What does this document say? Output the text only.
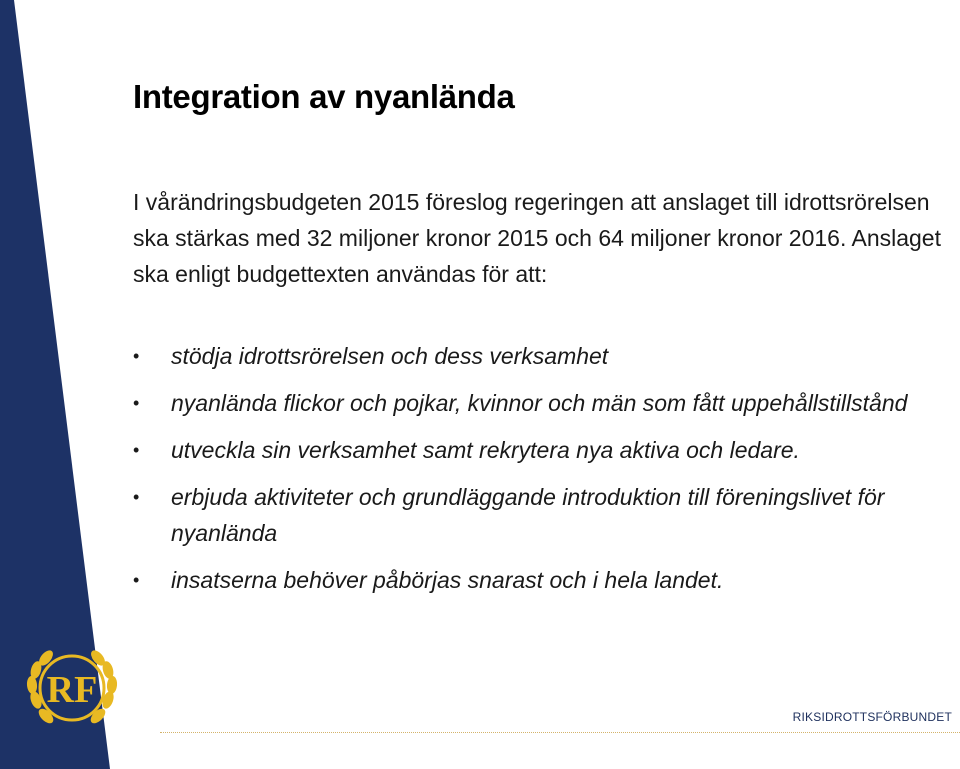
RF
Integration av nyanlända

I vårändringsbudgeten 2015 föreslog regeringen att anslaget till idrottsrörelsen ska stärkas med 32 miljoner kronor 2015 och 64 miljoner kronor 2016. Anslaget ska enligt budgettexten användas för att:

• stödja idrottsrörelsen och dess verksamhet
• nyanlända flickor och pojkar, kvinnor och män som fått uppehållstillstånd
• utveckla sin verksamhet samt rekrytera nya aktiva och ledare.
• erbjuda aktiviteter och grundläggande introduktion till föreningslivet för nyanlända
• insatserna behöver påbörjas snarast och i hela landet.
RIKSIDROTTSFÖRBUNDET
